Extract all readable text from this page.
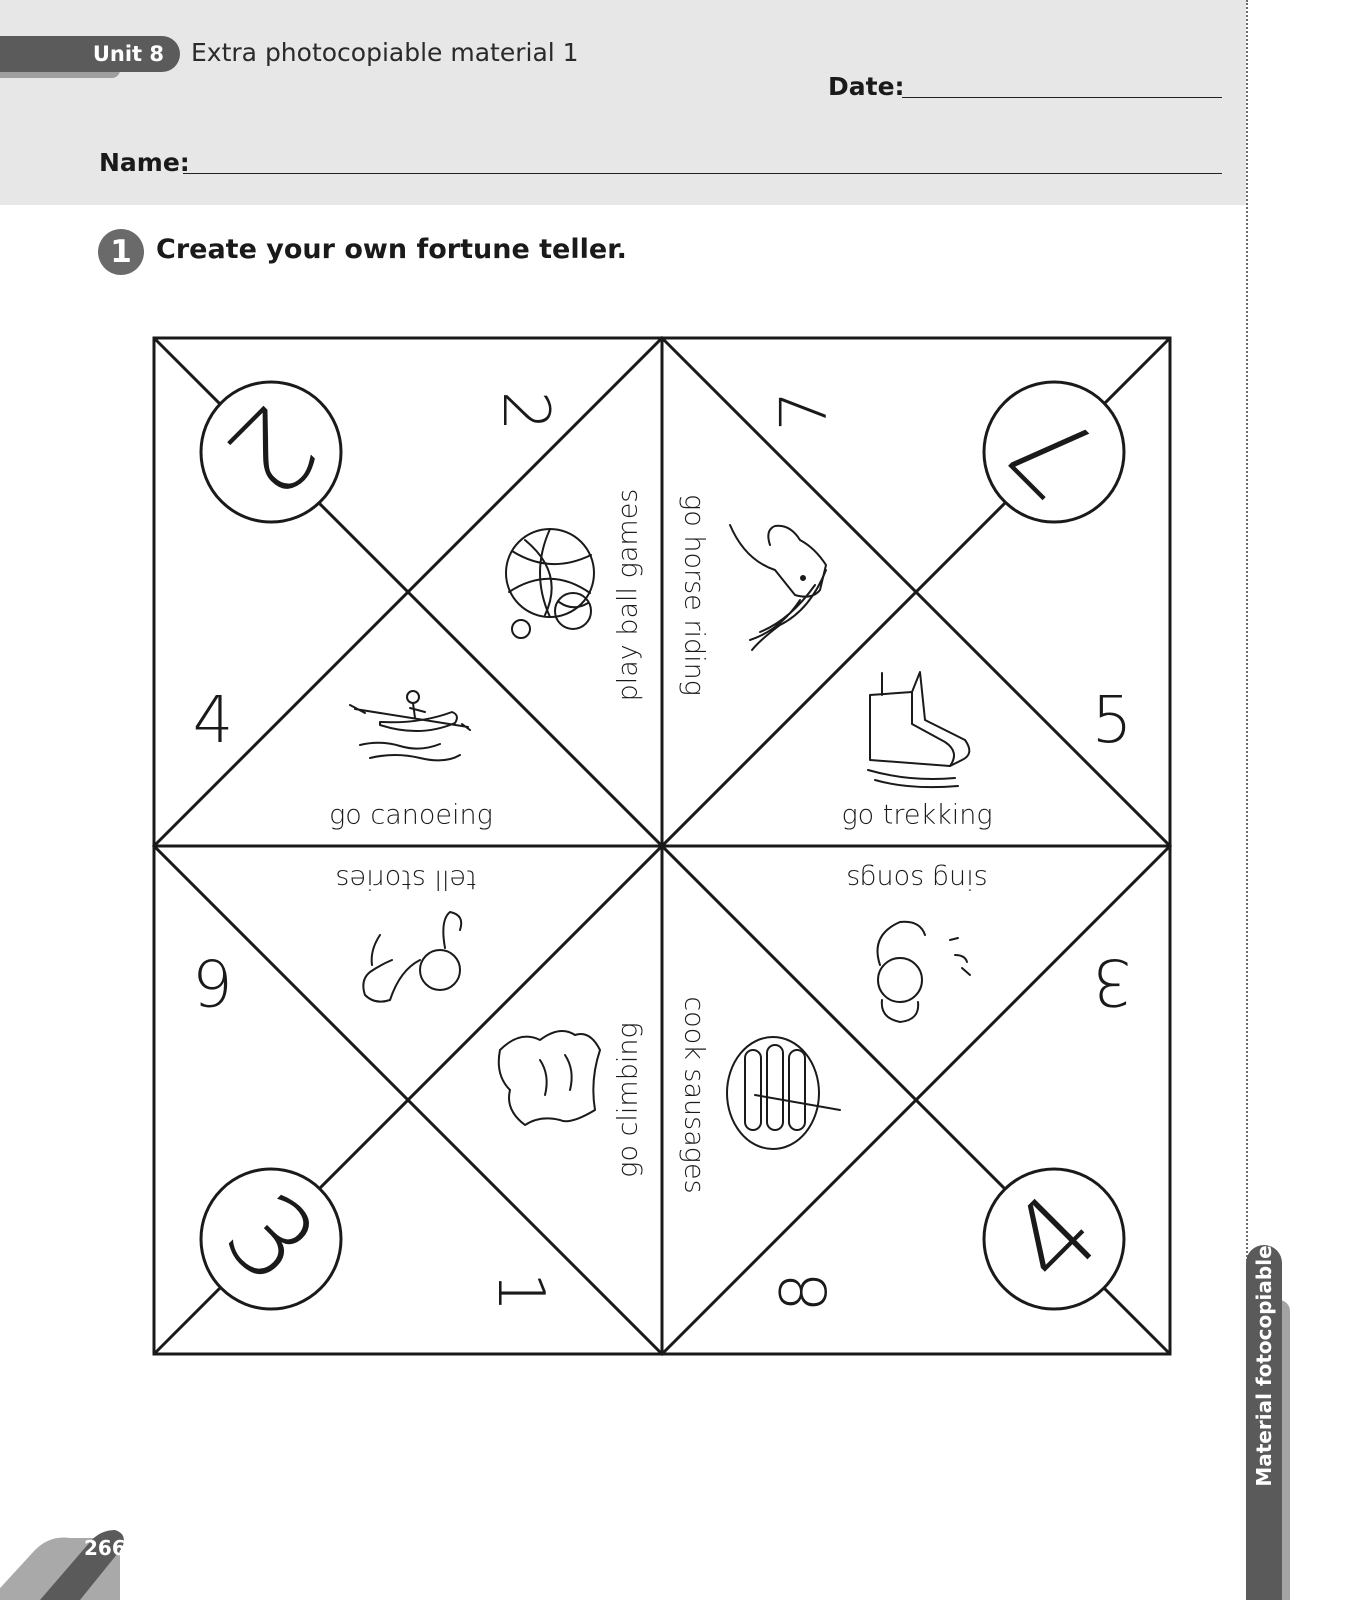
Unit 8	Extra photocopiable material 1
Date:
Name:
1 Create your own fortune teller.
2	7
3	4
2	7
4	5
6	3
1	8
play ball games go horse riding
go canoeing	go trekking
tell stories	sing songs
go climbing cook sausages
Material fotocopiable
266
